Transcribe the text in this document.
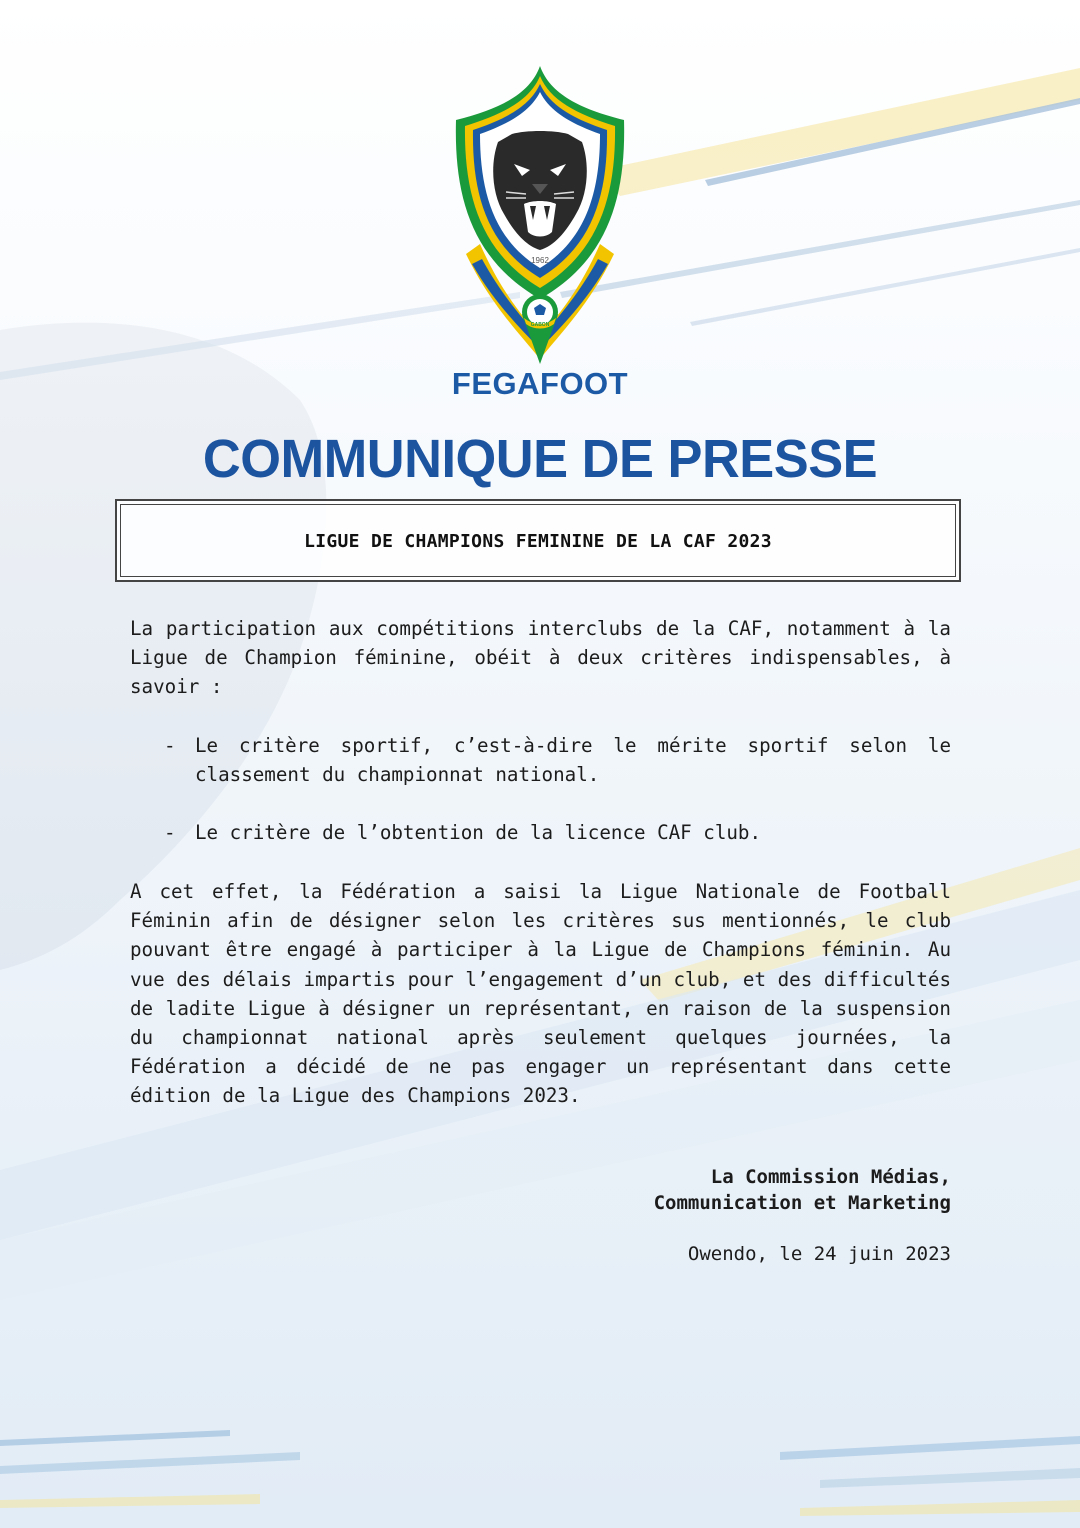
1962
GABON
FEGAFOOT
COMMUNIQUE DE PRESSE
LIGUE DE CHAMPIONS FEMININE DE LA CAF 2023

La participation aux compétitions interclubs de la CAF, notamment à la Ligue de Champion féminine, obéit à deux critères indispensables, à savoir :

- Le critère sportif, c’est-à-dire le mérite sportif selon le classement du championnat national.
- Le critère de l’obtention de la licence CAF club.

A cet effet, la Fédération a saisi la Ligue Nationale de Football Féminin afin de désigner selon les critères sus mentionnés, le club pouvant être engagé à participer à la Ligue de Champions féminin. Au vue des délais impartis pour l’engagement d’un club, et des difficultés de ladite Ligue à désigner un représentant, en raison de la suspension du championnat national après seulement quelques journées, la Fédération a décidé de ne pas engager un représentant dans cette édition de la Ligue des Champions 2023.

La Commission Médias,
Communication et Marketing
Owendo, le 24 juin 2023
